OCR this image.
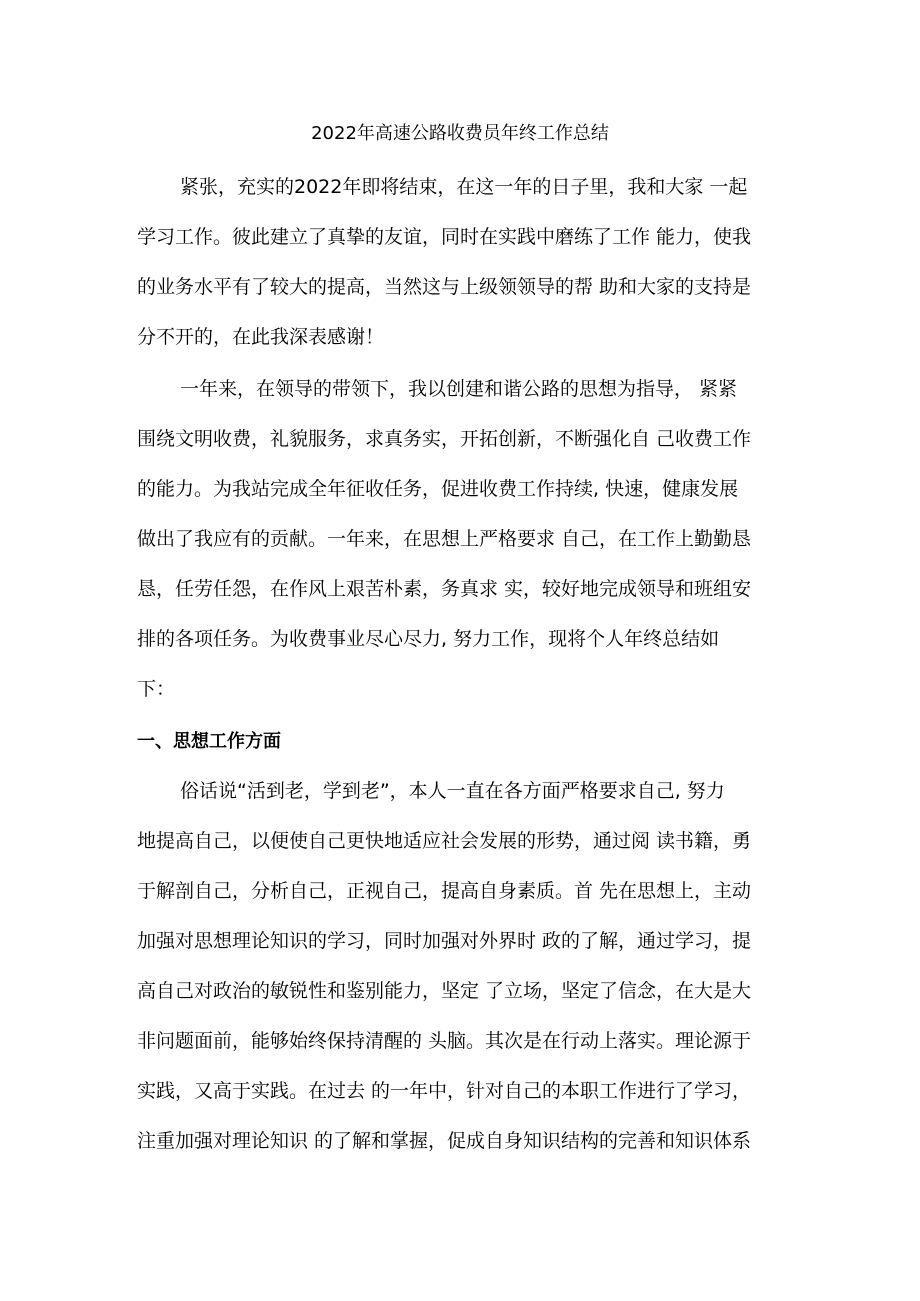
2022年高速公路收费员年终工作总结
紧张，充实的2022年即将结束，在这一年的日子里，我和大家 一起
学习工作。彼此建立了真挚的友谊，同时在实践中磨练了工作 能力，使我
的业务水平有了较大的提高，当然这与上级领领导的帮 助和大家的支持是
分不开的，在此我深表感谢！
一年来，在领导的带领下，我以创建和谐公路的思想为指导， 紧紧
围绕文明收费，礼貌服务，求真务实，开拓创新，不断强化自 己收费工作
的能力。为我站完成全年征收任务，促进收费工作持续, 快速，健康发展
做出了我应有的贡献。一年来，在思想上严格要求 自己，在工作上勤勤恳
恳，任劳任怨，在作风上艰苦朴素，务真求 实，较好地完成领导和班组安
排的各项任务。为收费事业尽心尽力, 努力工作，现将个人年终总结如
下：
一、思想工作方面
俗话说“活到老，学到老”，本人一直在各方面严格要求自己, 努力
地提高自己，以便使自己更快地适应社会发展的形势，通过阅 读书籍，勇
于解剖自己，分析自己，正视自己，提高自身素质。首 先在思想上，主动
加强对思想理论知识的学习，同时加强对外界时 政的了解，通过学习，提
高自己对政治的敏锐性和鉴别能力，坚定 了立场，坚定了信念，在大是大
非问题面前，能够始终保持清醒的 头脑。其次是在行动上落实。理论源于
实践，又高于实践。在过去 的一年中，针对自己的本职工作进行了学习，
注重加强对理论知识 的了解和掌握，促成自身知识结构的完善和知识体系
